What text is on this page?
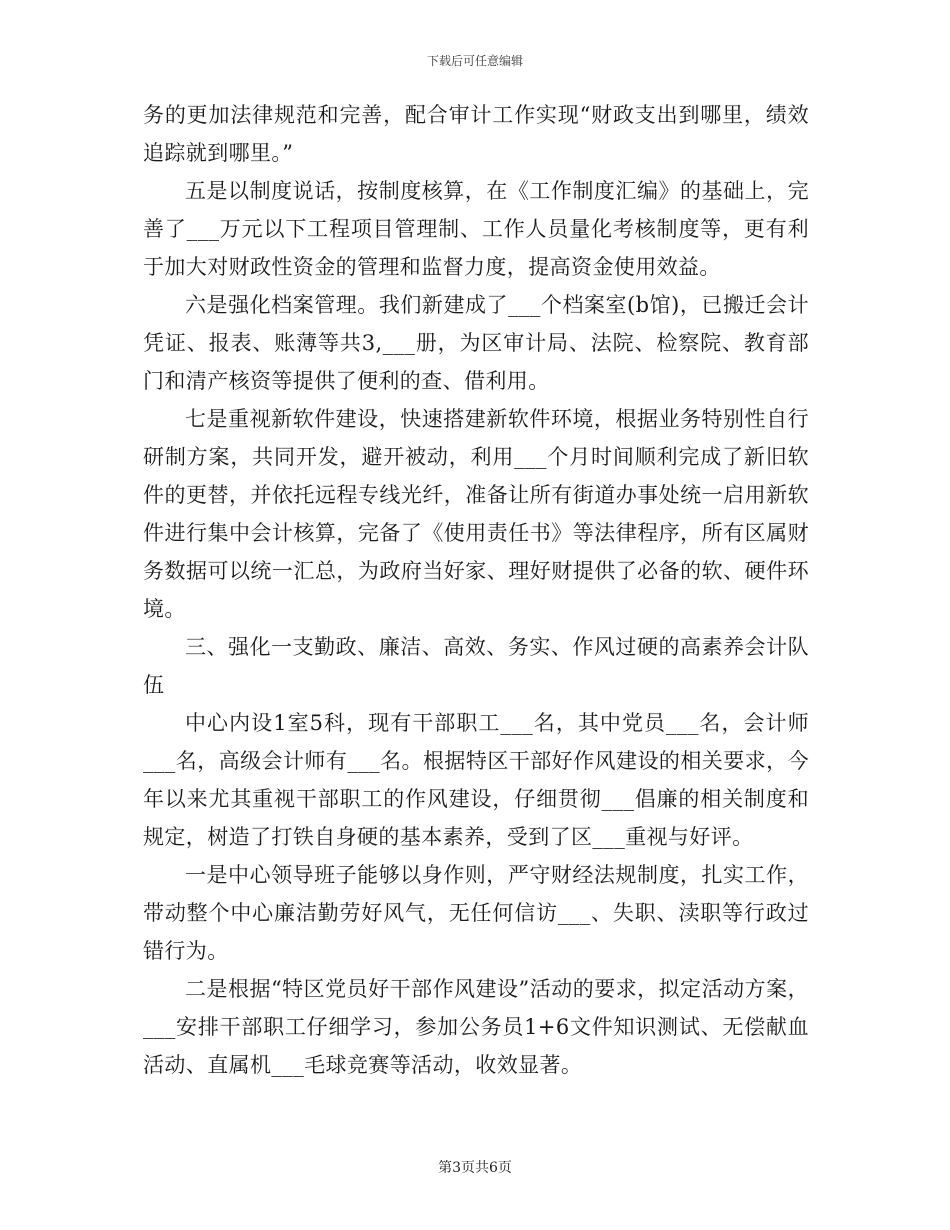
下载后可任意编辑

务的更加法律规范和完善，配合审计工作实现“财政支出到哪里，绩效追踪就到哪里。”

五是以制度说话，按制度核算，在《工作制度汇编》的基础上，完善了___万元以下工程项目管理制、工作人员量化考核制度等，更有利于加大对财政性资金的管理和监督力度，提高资金使用效益。

六是强化档案管理。我们新建成了___个档案室(b馆)，已搬迁会计凭证、报表、账薄等共3,___册，为区审计局、法院、检察院、教育部门和清产核资等提供了便利的查、借利用。

七是重视新软件建设，快速搭建新软件环境，根据业务特别性自行研制方案，共同开发，避开被动，利用___个月时间顺利完成了新旧软件的更替，并依托远程专线光纤，准备让所有街道办事处统一启用新软件进行集中会计核算，完备了《使用责任书》等法律程序，所有区属财务数据可以统一汇总，为政府当好家、理好财提供了必备的软、硬件环境。

三、强化一支勤政、廉洁、高效、务实、作风过硬的高素养会计队伍

中心内设1室5科，现有干部职工___名，其中党员___名，会计师___名，高级会计师有___名。根据特区干部好作风建设的相关要求，今年以来尤其重视干部职工的作风建设，仔细贯彻___倡廉的相关制度和规定，树造了打铁自身硬的基本素养，受到了区___重视与好评。

一是中心领导班子能够以身作则，严守财经法规制度，扎实工作，带动整个中心廉洁勤劳好风气，无任何信访___、失职、渎职等行政过错行为。

二是根据“特区党员好干部作风建设”活动的要求，拟定活动方案，___安排干部职工仔细学习，参加公务员1+6文件知识测试、无偿献血活动、直属机___毛球竞赛等活动，收效显著。

第3页共6页
